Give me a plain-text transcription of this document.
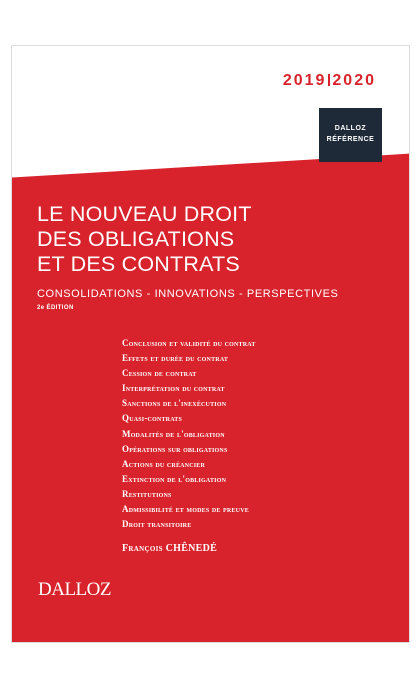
2019 2020
DALLOZ
RÉFÉRENCE
LE NOUVEAU DROIT
DES OBLIGATIONS
ET DES CONTRATS
CONSOLIDATIONS - INNOVATIONS - PERSPECTIVES
2e ÉDITION
Conclusion et validité du contrat
Effets et durée du contrat
Cession de contrat
Interprétation du contrat
Sanctions de l'inexécution
Quasi-contrats
Modalités de l'obligation
Opérations sur obligations
Actions du créancier
Extinction de l'obligation
Restitutions
Admissibilité et modes de preuve
Droit transitoire
François CHÊNEDÉ
DALLOZ
